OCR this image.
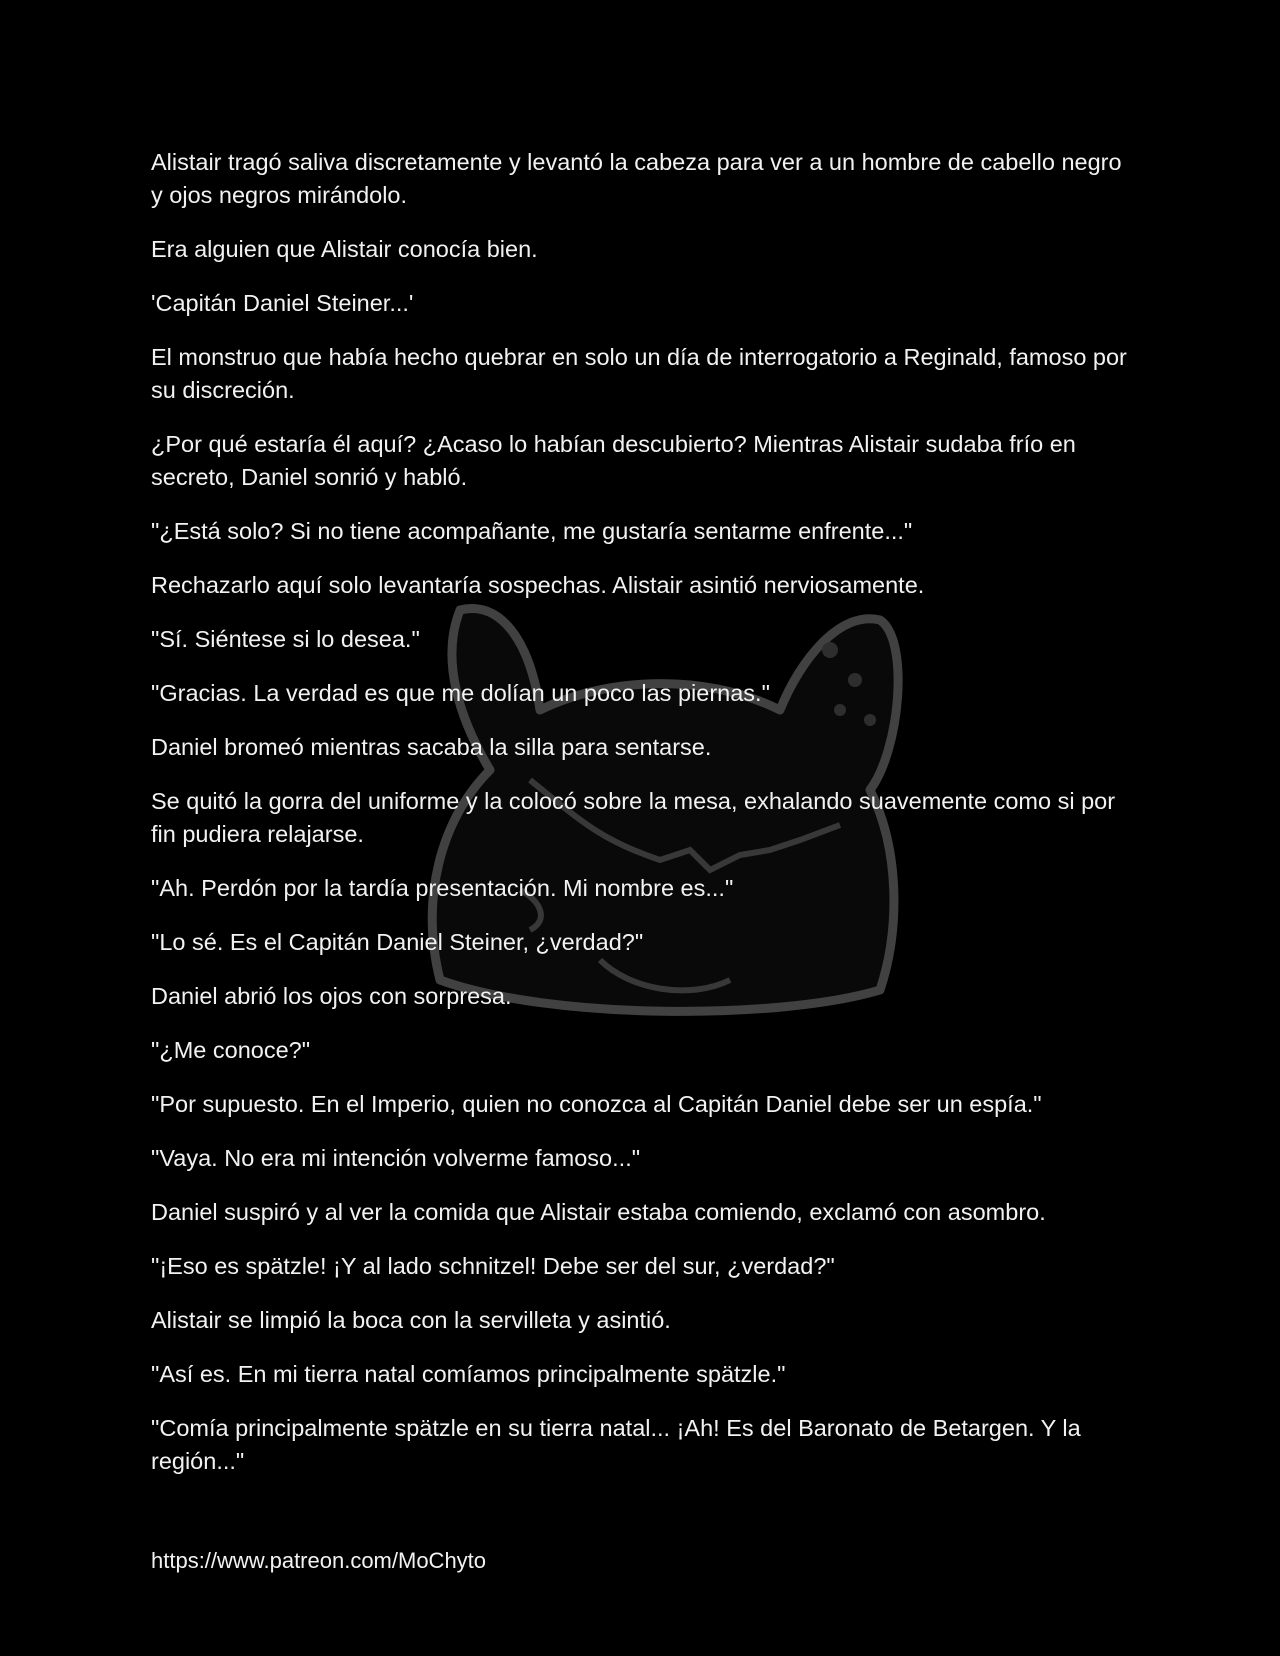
Alistair tragó saliva discretamente y levantó la cabeza para ver a un hombre de cabello negro y ojos negros mirándolo.

Era alguien que Alistair conocía bien.

'Capitán Daniel Steiner...'

El monstruo que había hecho quebrar en solo un día de interrogatorio a Reginald, famoso por su discreción.

¿Por qué estaría él aquí? ¿Acaso lo habían descubierto? Mientras Alistair sudaba frío en secreto, Daniel sonrió y habló.

"¿Está solo? Si no tiene acompañante, me gustaría sentarme enfrente..."

Rechazarlo aquí solo levantaría sospechas. Alistair asintió nerviosamente.

"Sí. Siéntese si lo desea."

"Gracias. La verdad es que me dolían un poco las piernas."

Daniel bromeó mientras sacaba la silla para sentarse.

Se quitó la gorra del uniforme y la colocó sobre la mesa, exhalando suavemente como si por fin pudiera relajarse.

"Ah. Perdón por la tardía presentación. Mi nombre es..."

"Lo sé. Es el Capitán Daniel Steiner, ¿verdad?"

Daniel abrió los ojos con sorpresa.

"¿Me conoce?"

"Por supuesto. En el Imperio, quien no conozca al Capitán Daniel debe ser un espía."

"Vaya. No era mi intención volverme famoso..."

Daniel suspiró y al ver la comida que Alistair estaba comiendo, exclamó con asombro.

"¡Eso es spätzle! ¡Y al lado schnitzel! Debe ser del sur, ¿verdad?"

Alistair se limpió la boca con la servilleta y asintió.

"Así es. En mi tierra natal comíamos principalmente spätzle."

"Comía principalmente spätzle en su tierra natal... ¡Ah! Es del Baronato de Betargen. Y la región..."

https://www.patreon.com/MoChyto
